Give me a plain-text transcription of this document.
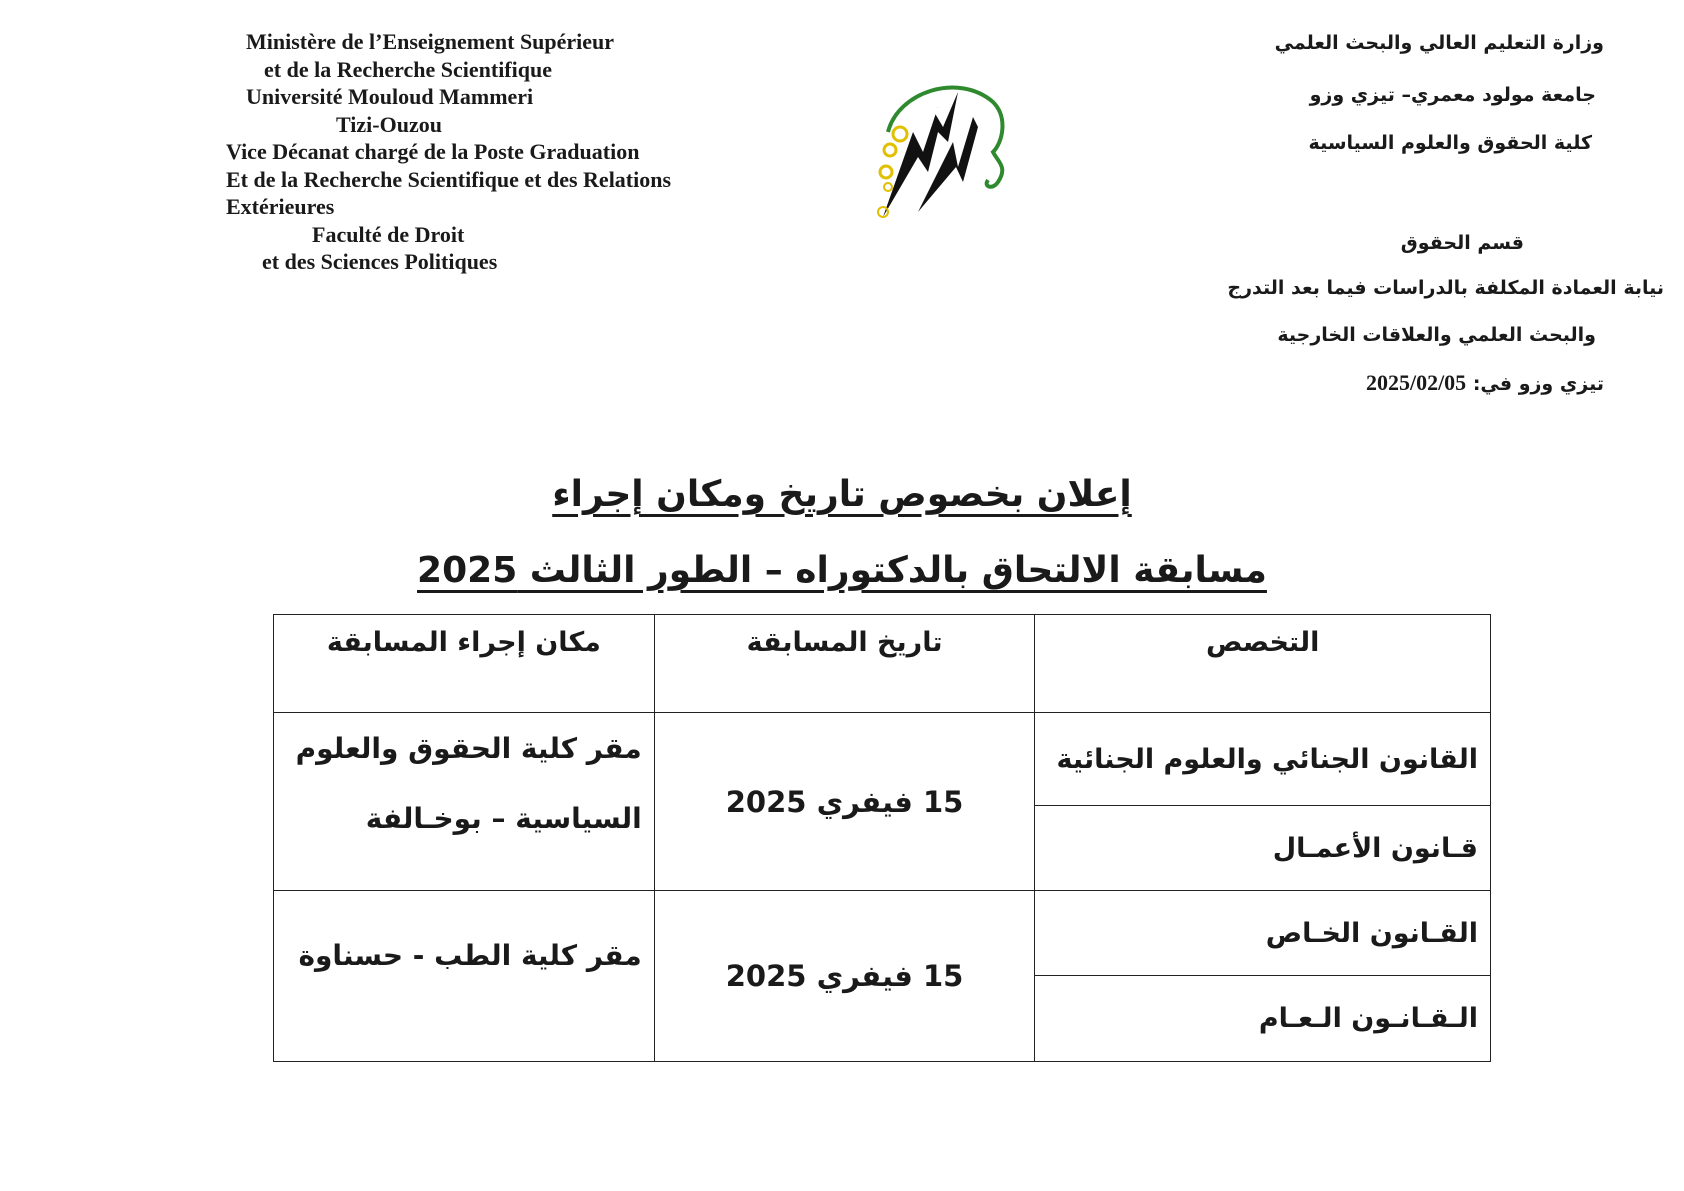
Ministère de l’Enseignement Supérieur
et de la Recherche Scientifique
Université Mouloud Mammeri
Tizi-Ouzou
Vice Décanat chargé de la Poste Graduation
Et de la Recherche Scientifique et des Relations
Extérieures
Faculté de Droit
et des Sciences Politiques
وزارة التعليم العالي والبحث العلمي
جامعة مولود معمري– تيزي وزو
كلية الحقوق والعلوم السياسية
قسم الحقوق
نيابة العمادة المكلفة بالدراسات فيما بعد التدرج
والبحث العلمي والعلاقات الخارجية
تيزي وزو في: 2025/02/05
إعلان بخصوص تاريخ ومكان إجراء
مسابقة الالتحاق بالدكتوراه – الطور الثالث 2025
التخصص	تاريخ المسابقة	مكان إجراء المسابقة
القانون الجنائي والعلوم الجنائية	15 فيفري 2025	مقر كلية الحقوق والعلوم
السياسية – بوخـالفة

قـانون الأعمـال		
القـانون الخـاص	15 فيفري 2025	مقر كلية الطب - حسناوة

الـقـانـون الـعـام		
